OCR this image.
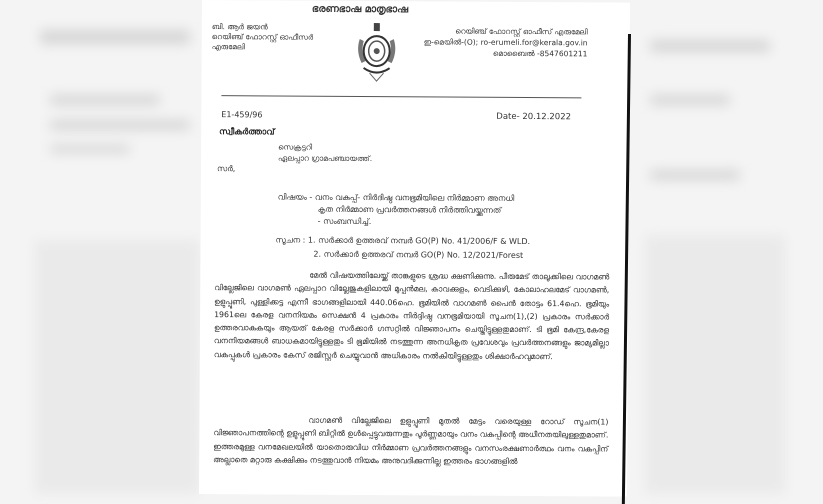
ഭരണഭാഷ മാതൃഭാഷ
ബി. ആർ ജയൻ
റെയിഞ്ച് ഫോറസ്റ്റ് ഓഫീസർ
എരുമേലി
റെയിഞ്ച് ഫോറസ്റ്റ് ഓഫീസ് എരുമേലി
ഇ-മെയിൽ-(O); ro-erumeli.for@kerala.gov.in
മൊബൈൽ -8547601211
E1-459/96	Date- 20.12.2022
സ്വീകർത്താവ്
സെക്രട്ടറി
ഏലപ്പാറ ഗ്രാമപഞ്ചായത്ത്.
സർ,
വിഷയം - വനം വകുപ്പ്- നിർദിഷ്ഠ വനഭൂമിയിലെ നിർമ്മാണ അനധി
കൃത നിർമ്മാണ പ്രവർത്തനങ്ങൾ നിർത്തിവയ്ക്കുന്നത്
- സംബന്ധിച്ച്.
സൂചന : 1. സർക്കാർ ഉത്തരവ് നമ്പർ GO(P) No. 41/2006/F & WLD.
2. സർക്കാർ ഉത്തരവ് നമ്പർ GO(P) No. 12/2021/Forest
മേൽ വിഷയത്തിലേയ്ക്ക് താങ്കളുടെ ശ്രദ്ധ ക്ഷണിക്കുന്നു. പീരുമേട് താലൂക്കിലെ വാഗമൺ വില്ലേജിലെ വാഗമൺ ഏലപ്പാറ വില്ലേജുകളിലായി മുപ്പൻമല, കാവക്കുളം, വെടിക്കുഴി, കോലാഹലമേട് വാഗമൺ, ഉളുപ്പൂണി, പുള്ളിക്കട്ട എന്നീ ഭാഗങ്ങളിലായി 440.06ഹെ. ഭൂമിയിൽ വാഗമൺ പൈൻ തോട്ടം 61.4ഹെ. ഭൂമിയും 1961ലെ കേരള വനനിയമം സെക്ഷൻ 4 പ്രകാരം നിർദ്ദിഷ്ഠ വനഭൂമിയായി സൂചന(1),(2) പ്രകാരം സർക്കാർ ഉത്തരവാകുകയും ആയത് കേരള സർക്കാർ ഗസറ്റിൽ വിജ്ഞാപനം ചെയ്തിട്ടുള്ളതുമാണ്. ടി ഭൂമി കേന്ദ്ര,കേരള വനനിയമങ്ങൾ ബാധകമായിട്ടുള്ളതും ടി ഭൂമിയിൽ നടത്തുന്ന അനധികൃത പ്രവേശവും പ്രവർത്തനങ്ങളും ജാമ്യമില്ലാ വകുപ്പുകൾ പ്രകാരം കേസ് രജിസ്റ്റർ ചെയ്യുവാൻ അധികാരം നൽകിയിട്ടുള്ളതും ശിക്ഷാർഹവുമാണ്.
വാഗമൺ വില്ലേജിലെ ഉളുപ്പൂണി മുതൽ മേട്ടം വരെയുള്ള റോഡ് സൂചന(1) വിജ്ഞാപനത്തിന്റെ ഉളുപ്പൂണി ബിറ്റിൽ ഉൾപ്പെട്ടുവരുന്നതും പൂർണ്ണമായും വനം വകുപ്പിന്റെ അധീനതയിലുള്ളതുമാണ്. ഇത്തരമുള്ള വനമേഖലയിൽ യാതൊരുവിധ നിർമ്മാണ പ്രവർത്തനങ്ങളും വനസംരക്ഷണാർത്ഥം വനം വകുപ്പിന് അല്ലാതെ മറ്റാരു കക്ഷിക്കും നടത്തുവാൻ നിയമം അനുവദിക്കുന്നില്ല ഇത്തരം ഭാഗങ്ങളിൽ
